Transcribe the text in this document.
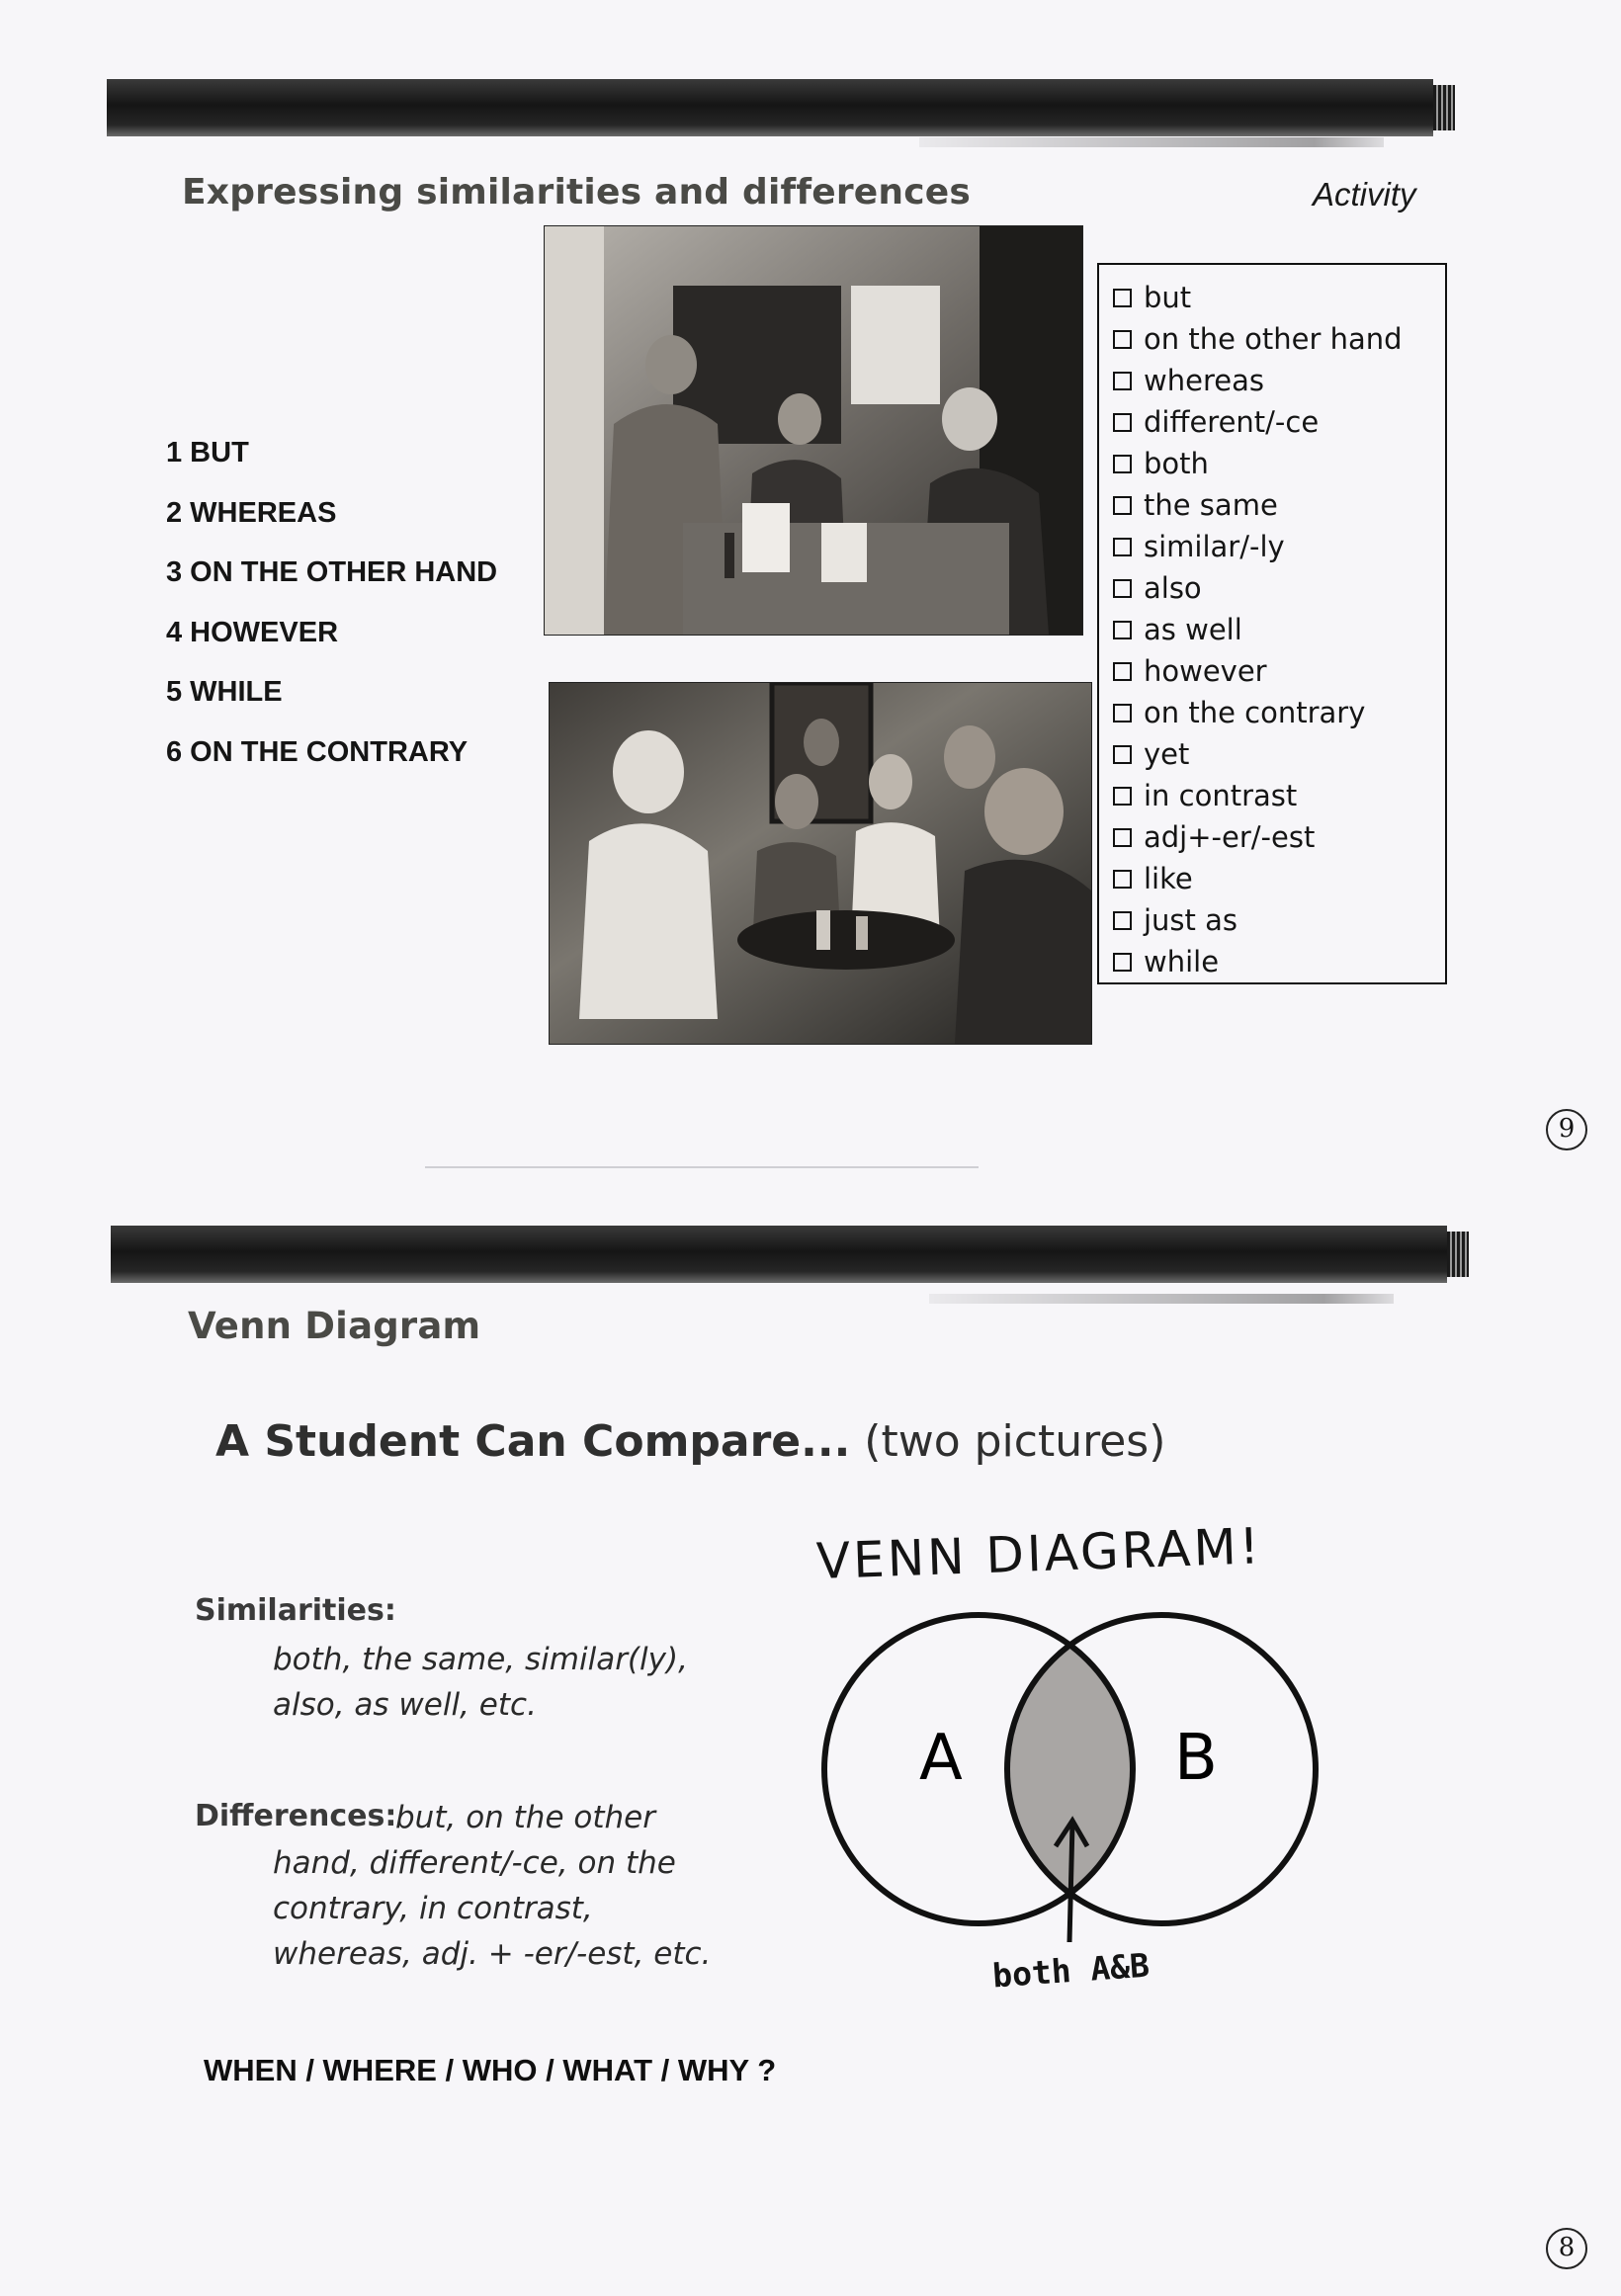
Expressing similarities and differences	Activity
1 BUT
2 WHEREAS
3 ON THE OTHER HAND
4 HOWEVER
5 WHILE
6 ON THE CONTRARY
but
on the other hand
whereas
different/-ce
both
the same
similar/-ly
also
as well
however
on the contrary
yet
in contrast
adj+-er/-est
like
just as
while
9
Venn Diagram
A Student Can Compare... (two pictures)
Similarities:

both, the same, similar(ly),

also, as well, etc.

Differences:

but, on the other

hand, different/-ce, on the

contrary, in contrast,

whereas, adj. + -er/-est, etc.

WHEN / WHERE / WHO / WHAT / WHY ?
VENN DIAGRAM!
A	B
both A&B
8
